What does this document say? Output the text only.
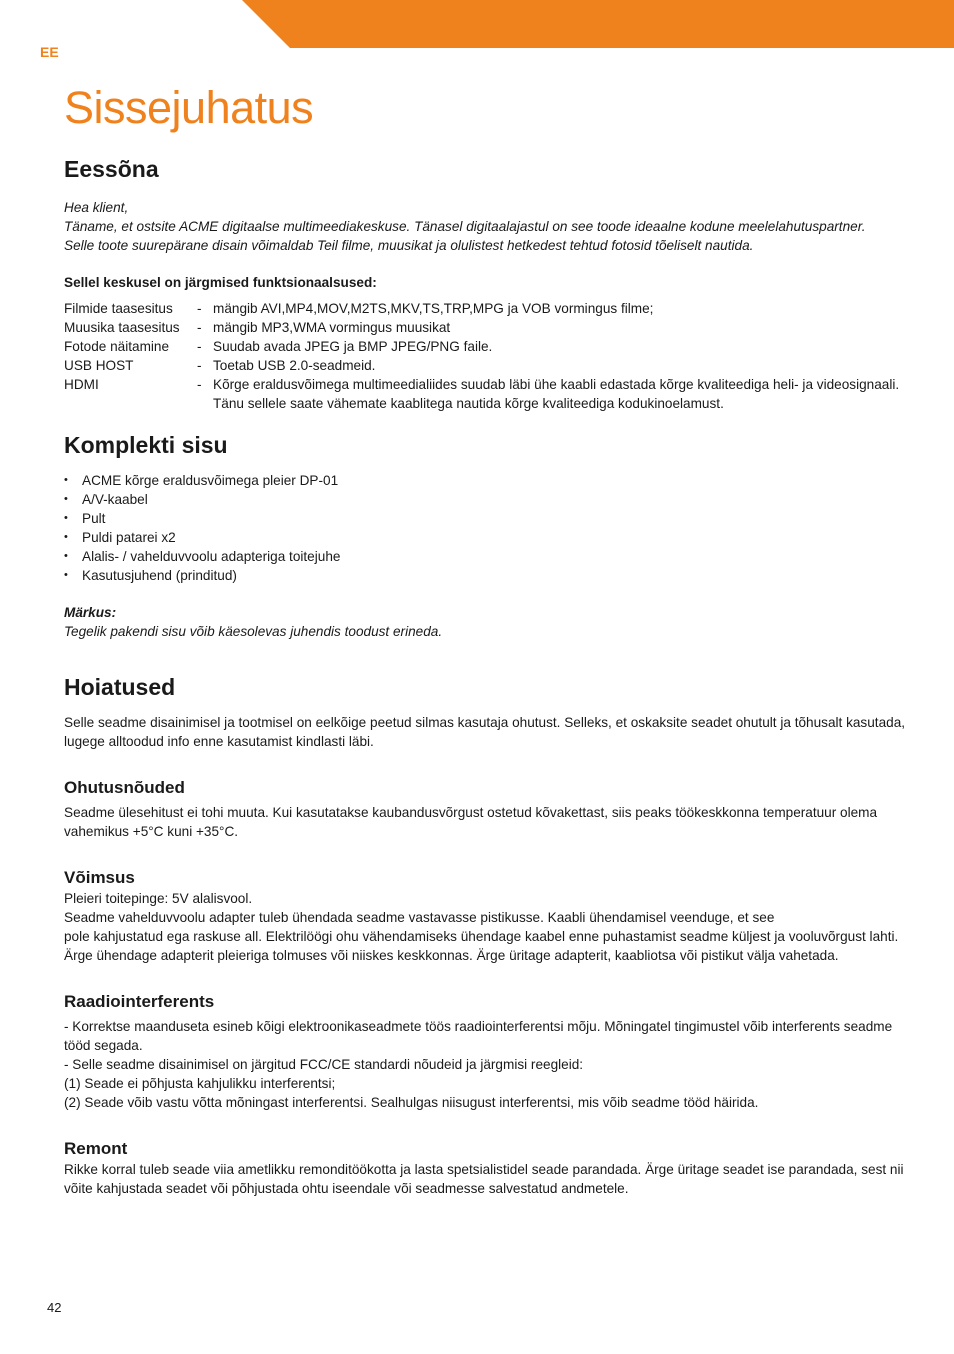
EE
Sissejuhatus
Eessõna

Hea klient,

Täname, et ostsite ACME digitaalse multimeediakeskuse. Tänasel digitaalajastul on see toode ideaalne kodune meelelahutuspartner.

Selle toote suurepärane disain võimaldab Teil filme, muusikat ja olulistest hetkedest tehtud fotosid tõeliselt nautida.

Sellel keskusel on järgmised funktsionaalsused:

Filmide taasesitus	- mängib AVI,MP4,MOV,M2TS,MKV,TS,TRP,MPG ja VOB vormingus filme;
Muusika taasesitus	- mängib MP3,WMA vormingus muusikat
Fotode näitamine	- Suudab avada JPEG ja BMP JPEG/PNG faile.
USB HOST	- Toetab USB 2.0-seadmeid.
HDMI	- Kõrge eraldusvõimega multimeedialiides suudab läbi ühe kaabli edastada kõrge kvaliteediga heli- ja videosignaali. Tänu sellele saate vähemate kaablitega nautida kõrge kvaliteediga kodukinoelamust.
Komplekti sisu
• ACME kõrge eraldusvõimega pleier DP-01
• A/V-kaabel
• Pult
• Puldi patarei x2
• Alalis- / vahelduvvoolu adapteriga toitejuhe
• Kasutusjuhend (prinditud)

Märkus:

Tegelik pakendi sisu võib käesolevas juhendis toodust erineda.

Hoiatused

Selle seadme disainimisel ja tootmisel on eelkõige peetud silmas kasutaja ohutust. Selleks, et oskaksite seadet ohutult ja tõhusalt kasutada, lugege alltoodud info enne kasutamist kindlasti läbi.

Ohutusnõuded

Seadme ülesehitust ei tohi muuta. Kui kasutatakse kaubandusvõrgust ostetud kõvakettast, siis peaks töökeskkonna temperatuur olema vahemikus +5°C kuni +35°C.

Võimsus

Pleieri toitepinge: 5V alalisvool.

Seadme vahelduvvoolu adapter tuleb ühendada seadme vastavasse pistikusse. Kaabli ühendamisel veenduge, et see

pole kahjustatud ega raskuse all. Elektrilöögi ohu vähendamiseks ühendage kaabel enne puhastamist seadme küljest ja vooluvõrgust lahti. Ärge ühendage adapterit pleieriga tolmuses või niiskes keskkonnas. Ärge üritage adapterit, kaabliotsa või pistikut välja vahetada.

Raadiointerferents

- Korrektse maanduseta esineb kõigi elektroonikaseadmete töös raadiointerferentsi mõju. Mõningatel tingimustel võib interferents seadme tööd segada.

- Selle seadme disainimisel on järgitud FCC/CE standardi nõudeid ja järgmisi reegleid:

(1) Seade ei põhjusta kahjulikku interferentsi;

(2) Seade võib vastu võtta mõningast interferentsi. Sealhulgas niisugust interferentsi, mis võib seadme tööd häirida.

Remont

Rikke korral tuleb seade viia ametlikku remonditöökotta ja lasta spetsialistidel seade parandada. Ärge üritage seadet ise parandada, sest nii võite kahjustada seadet või põhjustada ohtu iseendale või seadmesse salvestatud andmetele.

42
